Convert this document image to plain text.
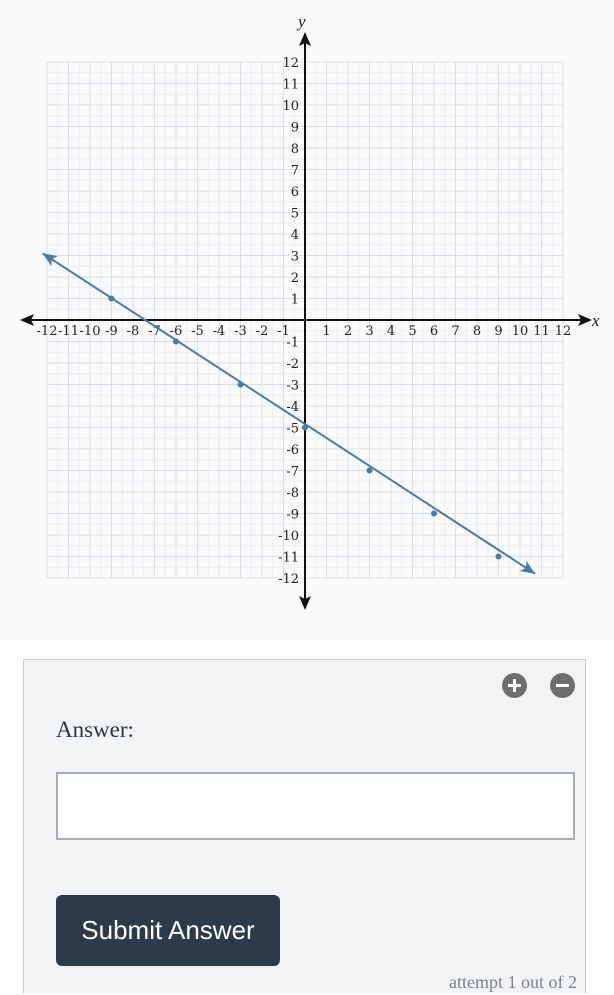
-12 -11 -10 -9 -8 -7 -6 -5 -4 -3 -2 -1	1 2 3 4 5 6 7 8 9 10 11 12
12
11
10
9
8
7
6
5
4
3
2
1
-1
-2
-3
-4
-5
-6
-7
-8
-9
-10
-11
-12
x
y
Answer:
Submit Answer
attempt 1 out of 2
